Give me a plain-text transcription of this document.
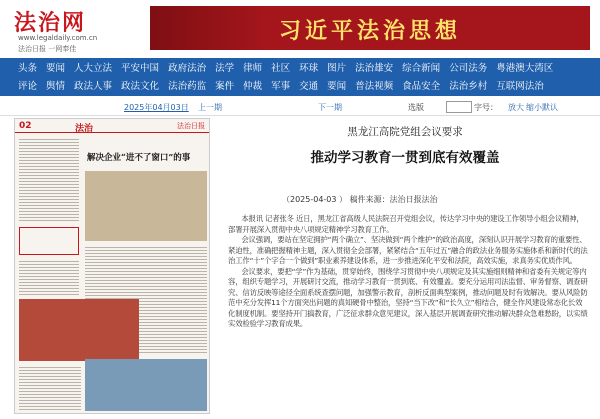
法治网
www.legaldaily.com.cn
法治日报 一网奉佳
习近平法治思想
头条 要闻 人大立法 平安中国 政府法治 法学 律师 社区 环球 图片 法治雄安 综合新闻 公司法务 粤港澳大湾区
评论 舆情 政法人事 政法文化 法治药监 案件 仲裁 军事 交通 要闻 普法视频 食品安全 法治乡村 互联网法治
2025年04月03日 上一期	下一期	选版	字号： 放大 缩小 默认
02	法治	法治日报
解决企业“进不了窗口”的事
黑龙江高院党组会议要求
推动学习教育一贯到底有效覆盖
（2025-04-03 ） 稿件来源：法治日报法治

本报讯 记者张冬 近日，黑龙江省高级人民法院召开党组会议，传达学习中央的建设工作领导小组会议精神，部署开展深入贯彻中央八项规定精神学习教育工作。

会议强调，要站在坚定拥护“两个确立”、坚决做到“两个维护”的政治高度，深刻认识开展学习教育的重要性、紧迫性，准确把握精神主题，深入贯彻全会部署，紧紧结合“五年过五”融合的政法业务服务实施体系和新时代的法治工作“十”个字合一个做到”职业素养建设体系，进一步推进深化平安和法院，高效实施，求真务实优质作风。

会议要求，要把“学”作为基础，贯穿始终，围绕学习贯彻中央八项规定及其实施细则精神和省委有关规定等内容，组织专题学习，开展研讨交流，推动学习教育一贯到底、有效覆盖。要充分运用司法监督、审务督察、调查研究、信访反映等途径全面系统查摆问题，加强警示教育，剖析反面典型案例，推动问题及时有效解决。要从风险防范中充分发挥11个方面突出问题的真知硬骨中整治，坚持“当下改”和“长久立”相结合，健全作风建设常态化长效化制度机制。要坚持开门搞教育，广泛征求群众意见建议，深入基层开展调查研究推动解决群众急难愁盼，以实绩实效检验学习教育成果。
